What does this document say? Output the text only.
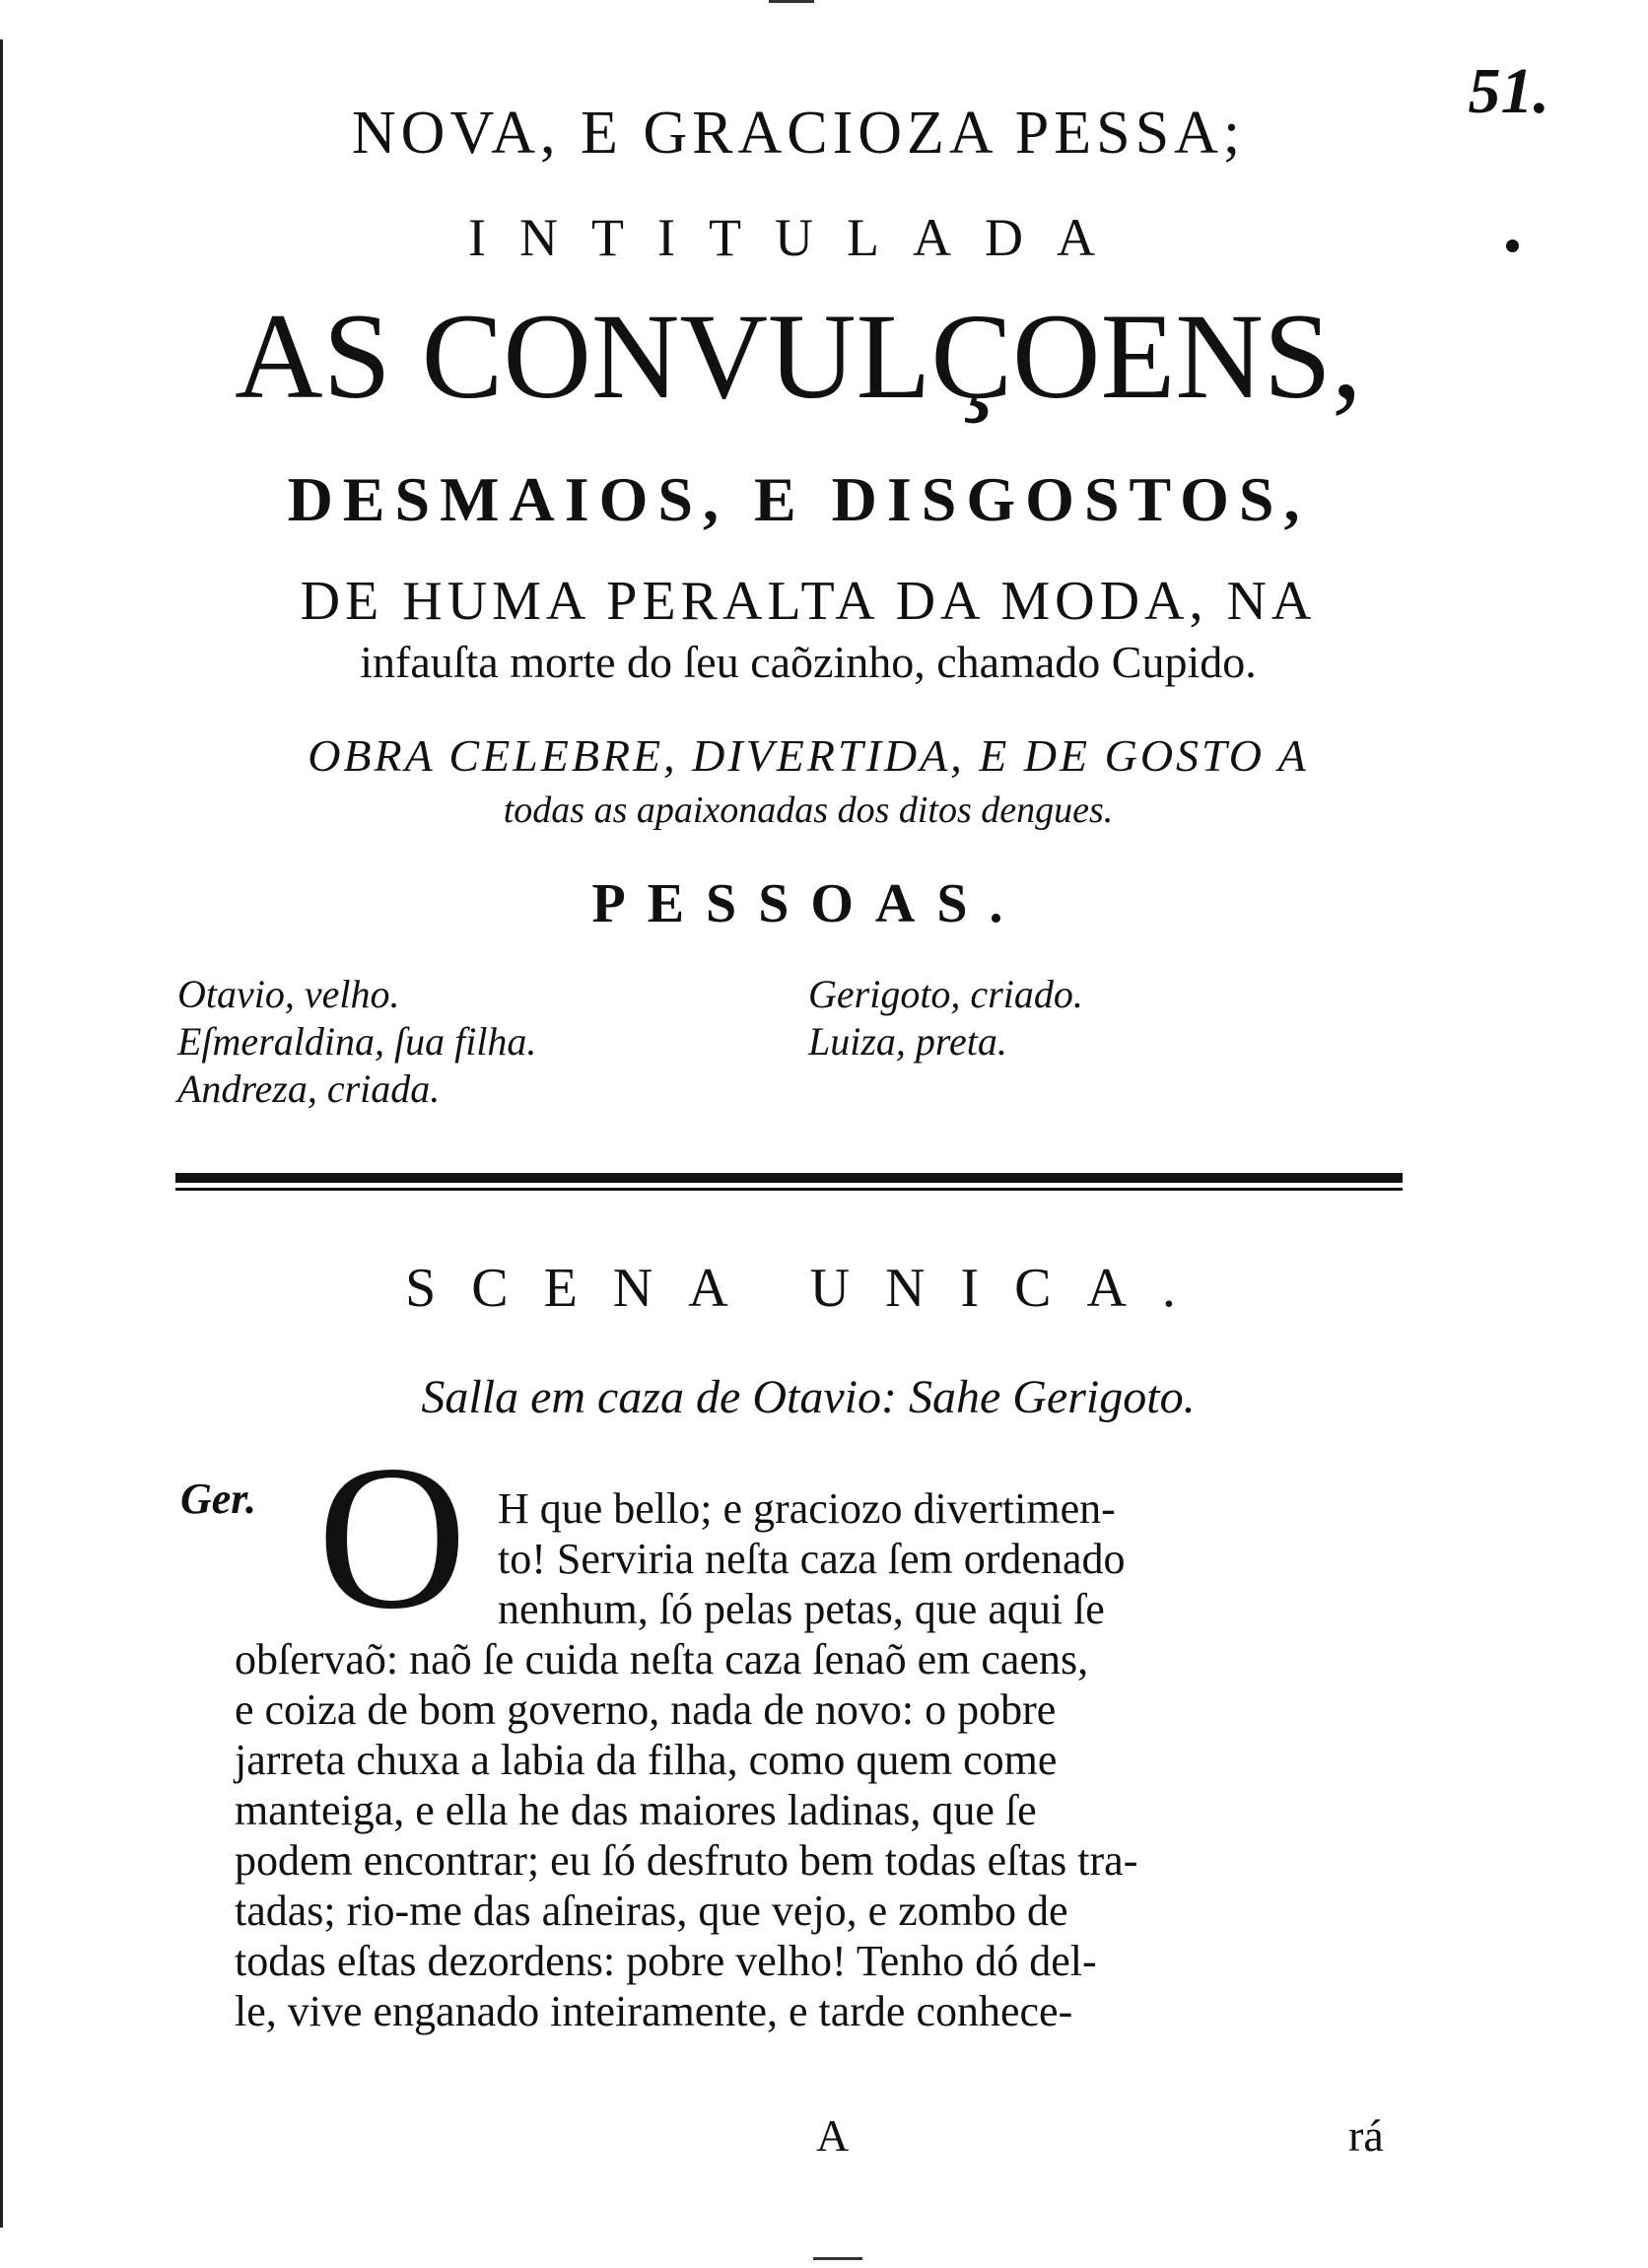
51.
NOVA, E GRACIOZA PESSA;
INTITULADA
AS CONVULÇOENS,
DESMAIOS, E DISGOSTOS,
DE HUMA PERALTA DA MODA, NA
infauſta morte do ſeu caõzinho, chamado Cupido.
OBRA CELEBRE, DIVERTIDA, E DE GOSTO A
todas as apaixonadas dos ditos dengues.
PESSOAS.
Otavio, velho.
Eſmeraldina, ſua filha.
Andreza, criada.
Gerigoto, criado.
Luiza, preta.
SCENA UNICA.
Salla em caza de Otavio: Sahe Gerigoto.
Ger. O H que bello; e graciozo divertimen-
to! Serviria neſta caza ſem ordenado
nenhum, ſó pelas petas, que aqui ſe
obſervaõ: naõ ſe cuida neſta caza ſenaõ em caens,
e coiza de bom governo, nada de novo: o pobre
jarreta chuxa a labia da filha, como quem come
manteiga, e ella he das maiores ladinas, que ſe
podem encontrar; eu ſó desfruto bem todas eſtas tra-
tadas; rio-me das aſneiras, que vejo, e zombo de
todas eſtas dezordens: pobre velho! Tenho dó del-
le, vive enganado inteiramente, e tarde conhece-
A	rá
